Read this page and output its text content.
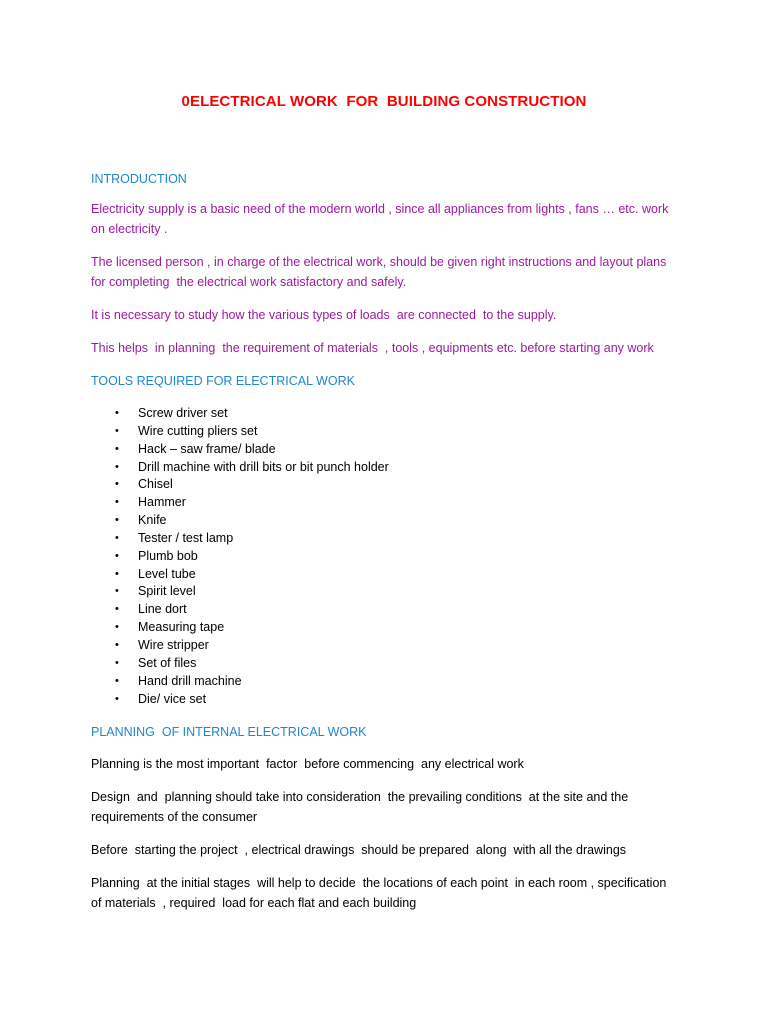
0ELECTRICAL WORK  FOR  BUILDING CONSTRUCTION

INTRODUCTION

Electricity supply is a basic need of the modern world , since all appliances from lights , fans … etc. work
on electricity .

The licensed person , in charge of the electrical work, should be given right instructions and layout plans
for completing  the electrical work satisfactory and safely.

It is necessary to study how the various types of loads  are connected  to the supply.

This helps  in planning  the requirement of materials  , tools , equipments etc. before starting any work

TOOLS REQUIRED FOR ELECTRICAL WORK

• Screw driver set
• Wire cutting pliers set
• Hack – saw frame/ blade
• Drill machine with drill bits or bit punch holder
• Chisel
• Hammer
• Knife
• Tester / test lamp
• Plumb bob
• Level tube
• Spirit level
• Line dort
• Measuring tape
• Wire stripper
• Set of files
• Hand drill machine
• Die/ vice set

PLANNING  OF INTERNAL ELECTRICAL WORK

Planning is the most important  factor  before commencing  any electrical work

Design  and  planning should take into consideration  the prevailing conditions  at the site and the
requirements of the consumer

Before  starting the project  , electrical drawings  should be prepared  along  with all the drawings

Planning  at the initial stages  will help to decide  the locations of each point  in each room , specification
of materials  , required  load for each flat and each building
